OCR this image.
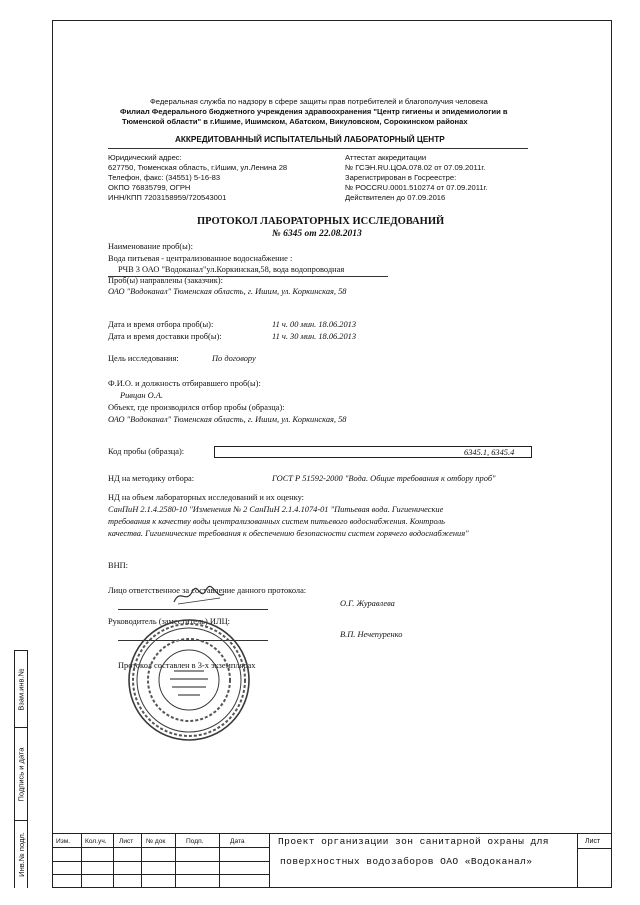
Взам.инв.№
Подпись и дата
Инв.№ подл.
Федеральная служба по надзору в сфере защиты прав потребителей и благополучия человека
Филиал Федерального бюджетного учреждения здравоохранения "Центр гигиены и эпидемиологии в
Тюменской области" в г.Ишиме, Ишимском, Абатском, Викуловском, Сорокинском районах
АККРЕДИТОВАННЫЙ ИСПЫТАТЕЛЬНЫЙ ЛАБОРАТОРНЫЙ ЦЕНТР
Юридический адрес:
627750, Тюменская область, г.Ишим, ул.Ленина 28
Телефон, факс: (34551) 5-16-83
ОКПО 76835799, ОГРН
ИНН/КПП 7203158959/720543001
Аттестат аккредитации
№ ГСЭН.RU.ЦОА.078.02 от 07.09.2011г.
Зарегистрирован в Госреестре:
№ РОССRU.0001.510274 от 07.09.2011г.
Действителен до 07.09.2016
ПРОТОКОЛ ЛАБОРАТОРНЫХ ИССЛЕДОВАНИЙ
№ 6345 от 22.08.2013
Наименование проб(ы):
Вода питьевая - централизованное водоснабжение :
РЧВ 3 ОАО "Водоканал"ул.Коркинская,58, вода водопроводная
Проб(ы) направлены (заказчик):
ОАО "Водоканал" Тюменская область, г. Ишим, ул. Коркинская, 58
Дата и время отбора проб(ы):	11 ч. 00 мин. 18.06.2013
Дата и время доставки проб(ы):	11 ч. 30 мин. 18.06.2013
Цель исследования:	По договору
Ф.И.О. и должность отбиравшего проб(ы):
Ривцан О.А.
Объект, где производился отбор пробы (образца):
ОАО "Водоканал" Тюменская область, г. Ишим, ул. Коркинская, 58
Код пробы (образца):	6345.1, 6345.4
НД на методику отбора:	ГОСТ Р 51592-2000 "Вода. Общие требования к отбору проб"
НД на объем лабораторных исследований и их оценку:
СанПиН 2.1.4.2580-10 "Изменения № 2 СанПиН 2.1.4.1074-01 "Питьевая вода. Гигиенические
требования к качеству воды централизованных систем питьевого водоснабжения. Контроль
качества. Гигиенические требования к обеспечению безопасности систем горячего водоснабжения"
ВНП:
Лицо ответственное за составление данного протокола:
О.Г. Журавлева
Руководитель (заместитель) ИЛЦ:
В.П. Нечепуренко
Протокол составлен в 3-х экземплярах
Изм. Кол.уч. Лист № док	Подп.	Дата	Проект организации зон санитарной охраны для
поверхностных водозаборов ОАО «Водоканал»
Лист
